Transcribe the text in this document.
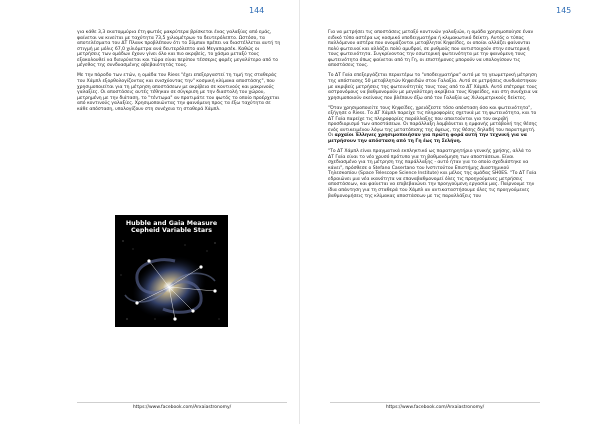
144

για κάθε 3,3 εκατομμύρια έτη φωτός μακρύτερα βρίσκεται ένας γαλαξίας από εμάς, φαίνεται να κινείται με ταχύτητα 73,5 χιλιομέτρων το δευτερόλεπτο. Ωστόσο, τα αποτελέσματα του ΔΤ Πλανκ προβλέπουν ότι το Σύμπαν πρέπει να διαστέλλεται αυτή τη στιγμή με μόλις 67,0 χιλιόμετρα ανά δευτερόλεπτο ανά Μεγαπαρσέκ. Καθώς οι μετρήσεις των ομάδων έχουν γίνει όλο και πιο ακριβείς, το χάσμα μεταξύ τους εξακολουθεί να διευρύνεται και τώρα είναι περίπου τέσσερις φορές μεγαλύτερο από το μέγεθος της συνδυασμένης αβεβαιότητάς τους.

Με την πάροδο των ετών, η ομάδα του Riess "έχει επεξεργαστεί τη τιμή της σταθεράς του Χάμπλ εξορθολογίζοντας και ενισχύοντας την" κοσμική κλίμακα αποστάσης", που χρησιμοποιείται για τη μέτρηση αποστάσεων με ακρίβεια σε κοντινούς και μακρινούς γαλαξίες. Οι αποστάσεις αυτές τέθηκαν σε σύγκριση με την διαστολή του χώρου, μετρημένη με την διάταση, το "τέντωμα" αν προτιμάτε του φωτός το οποίο προέρχεται από κοντινούς γαλαξίες. Χρησιμοποιώντας την φαινόμενη προς τα έξω ταχύτητα σε κάθε απόσταση, υπολογίζουν στη συνέχεια τη σταθερά Χάμπλ.

Hubble and Gaia Measure
Cepheid Variable Stars
https://www.facebook.com/Arxaiastronomy/
145

Για να μετρήσει τις αποστάσεις μεταξύ κοντινών γαλαξιών, η ομάδα χρησιμοποίησε έναν ειδικό τύπο αστέρα ως κοσμικό υποδειγματήρα ή κλιμακωτικό δείκτη. Αυτός ο τύπος παλλόμενου αστέρα που ονομάζονται μεταβλητοί Κηφείδες, οι οποίοι αλλάζει φαίνονται πολύ φωτεινοί και αλλάζει πολύ αμυδροί, σε ρυθμούς που αντιστοιχούν στην εσωτερική τους φωτεινότητα. Συγκρίνοντας την εσωτερική φωτεινότητα με την φαινόμενη τους φωτεινότητα όπως φαίνεται από τη Γη, οι επιστήμονες μπορούν να υπολογίσουν τις αποστάσεις τους.

Το ΔΤ Γαία επεξεργάζεται περαιτέρω το "υποδειγματήρα" αυτό με τη γεωμετρική μέτρηση της απόστασης 50 μεταβλητών Κηφειδών στον Γαλαξία. Αυτό σε μετρήσεις συνδυάστηκαν με ακριβείς μετρήσεις της φωτεινότητάς τους τους από το ΔΤ Χάμπλ. Αυτό επέτρεψε τους αστρονόμους να βαθμονομούν με μεγαλύτερη ακρίβεια τους Κηφείδες, και στη συνέχεια να χρησιμοποιούν εκείνους που βλέπουν έξω από τον Γαλαξία ως Χιλιομετρικούς δείκτες.

"Όταν χρησιμοποιείτε τους Κηφείδες, χρειάζεστε τόσο απόσταση όσο και φωτεινότητα", εξήγησε ο Riess. Το ΔΤ Χάμπλ παρείχε τις πληροφορίες σχετικά με τη φωτεινότητα, και το ΔΤ Γαία παρείχε τις πληροφορίες παράλλαξης που απαιτούνται για τον ακριβή προσδιορισμό των αποστάσεων. Οι παράλλαξη λαμβάνεται η εμφανής μετάβολή της θέσης ενός αντικειμένου λόγω της μετατόπισης της όψεως, της θέσης δηλαδή του παρατηρητή. Οι αρχαίοι Έλληνες χρησιμοποιήσαν για πρώτη φορά αυτή την τεχνική για να μετρήσουν την απόσταση από τη Γη έως τη Σελήνη.

"Το ΔΤ Χάμπλ είναι πραγματικά εκπληκτικό ως παρατηρητήριο γενικής χρήσης, αλλά το ΔΤ Γαία είναι το νέο χρυσό πρότυπο για τη βαθμονόμηση των αποστάσεων. Είναι σχεδιασμένο για τη μέτρηση της παράλλαξης - αυτό ήταν για το οποίο σχεδιάστηκε να κάνει", πρόσθεσε ο Stefano Casertano του Ινστιτούτου Επιστήμης Διαστημικού Τηλεσκοπίου (Space Telescope Science Institute) και μέλος της ομάδας SH0ES. "Το ΔΤ Γαία εδραιώνει μια νέα ικανότητα να επαναβαθμονομεί όλες τις προηγούμενες μετρήσεις αποστάσεων, και φαίνεται να επιβεβαιώνει την προηγούμενη εργασία μας. Παίρνουμε την ίδια απάντηση για τη σταθερά του Χάμπλ αν αντικαταστήσουμε όλες τις προηγούμενες βαθμονομήσεις της κλίμακας αποστάσεων με τις παραλλάξεις του

https://www.facebook.com/Arxaiastronomy/
